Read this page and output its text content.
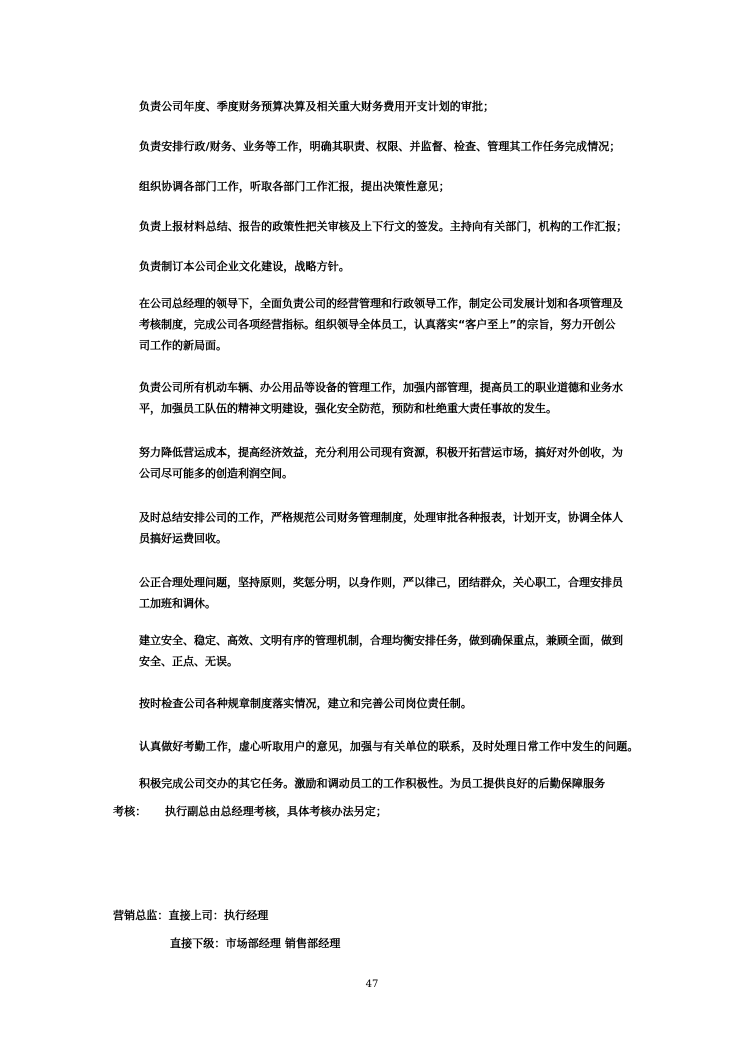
负责公司年度、季度财务预算决算及相关重大财务费用开支计划的审批；
负责安排行政/财务、业务等工作，明确其职责、权限、并监督、检查、管理其工作任务完成情况；
组织协调各部门工作，听取各部门工作汇报，提出决策性意见；
负责上报材料总结、报告的政策性把关审核及上下行文的签发。主持向有关部门，机构的工作汇报；
负责制订本公司企业文化建设，战略方针。
在公司总经理的领导下，全面负责公司的经营管理和行政领导工作，制定公司发展计划和各项管理及
考核制度，完成公司各项经营指标。组织领导全体员工，认真落实“客户至上”的宗旨，努力开创公
司工作的新局面。
负责公司所有机动车辆、办公用品等设备的管理工作，加强内部管理，提高员工的职业道德和业务水
平，加强员工队伍的精神文明建设，强化安全防范，预防和杜绝重大责任事故的发生。
努力降低营运成本，提高经济效益，充分利用公司现有资源，积极开拓营运市场，搞好对外创收，为
公司尽可能多的创造利润空间。
及时总结安排公司的工作，严格规范公司财务管理制度，处理审批各种报表，计划开支，协调全体人
员搞好运费回收。
公正合理处理问题，坚持原则，奖惩分明，以身作则，严以律己，团结群众，关心职工，合理安排员
工加班和调休。
建立安全、稳定、高效、文明有序的管理机制，合理均衡安排任务，做到确保重点，兼顾全面，做到
安全、正点、无误。
按时检查公司各种规章制度落实情况，建立和完善公司岗位责任制。
认真做好考勤工作，虚心听取用户的意见，加强与有关单位的联系，及时处理日常工作中发生的问题。
积极完成公司交办的其它任务。激励和调动员工的工作积极性。为员工提供良好的后勤保障服务
考核： 执行副总由总经理考核，具体考核办法另定；
营销总监：直接上司：执行经理
直接下级：市场部经理 销售部经理
47
